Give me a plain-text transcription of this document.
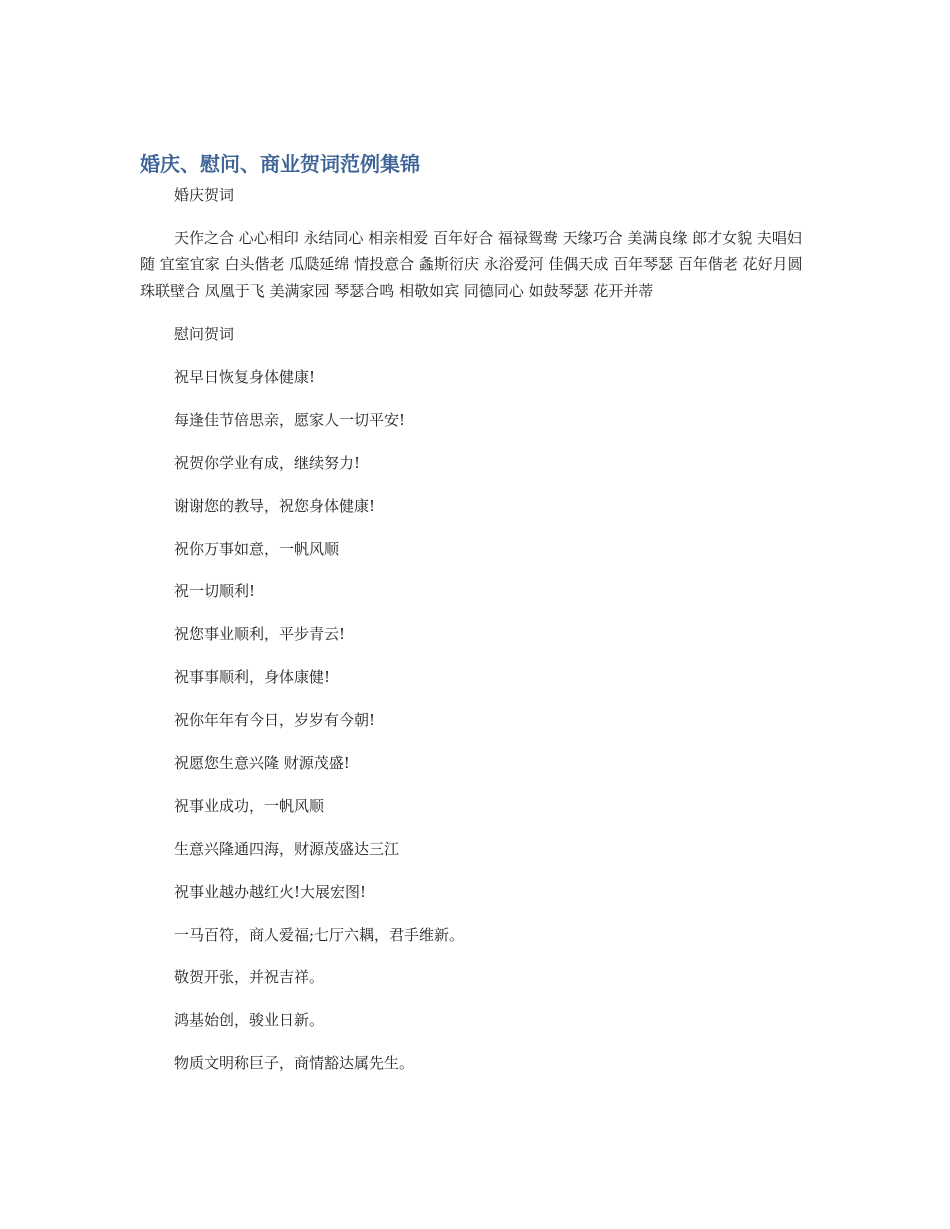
婚庆、慰问、商业贺词范例集锦

婚庆贺词

天作之合 心心相印 永结同心 相亲相爱 百年好合 福禄鸳鸯 天缘巧合 美满良缘 郎才女貌 夫唱妇随 宜室宜家 白头偕老 瓜瓞延绵 情投意合 螽斯衍庆 永浴爱河 佳偶天成 百年琴瑟 百年偕老 花好月圆 珠联壁合 凤凰于飞 美满家园 琴瑟合鸣 相敬如宾 同德同心 如鼓琴瑟 花开并蒂

慰问贺词

祝早日恢复身体健康!

每逢佳节倍思亲，愿家人一切平安!

祝贺你学业有成，继续努力!

谢谢您的教导，祝您身体健康!

祝你万事如意，一帆风顺

祝一切顺利!

祝您事业顺利，平步青云!

祝事事顺利，身体康健!

祝你年年有今日，岁岁有今朝!

祝愿您生意兴隆 财源茂盛!

祝事业成功，一帆风顺

生意兴隆通四海，财源茂盛达三江

祝事业越办越红火!大展宏图!

一马百符，商人爱福;七厅六耦，君手维新。

敬贺开张，并祝吉祥。

鸿基始创，骏业日新。

物质文明称巨子，商情豁达属先生。
